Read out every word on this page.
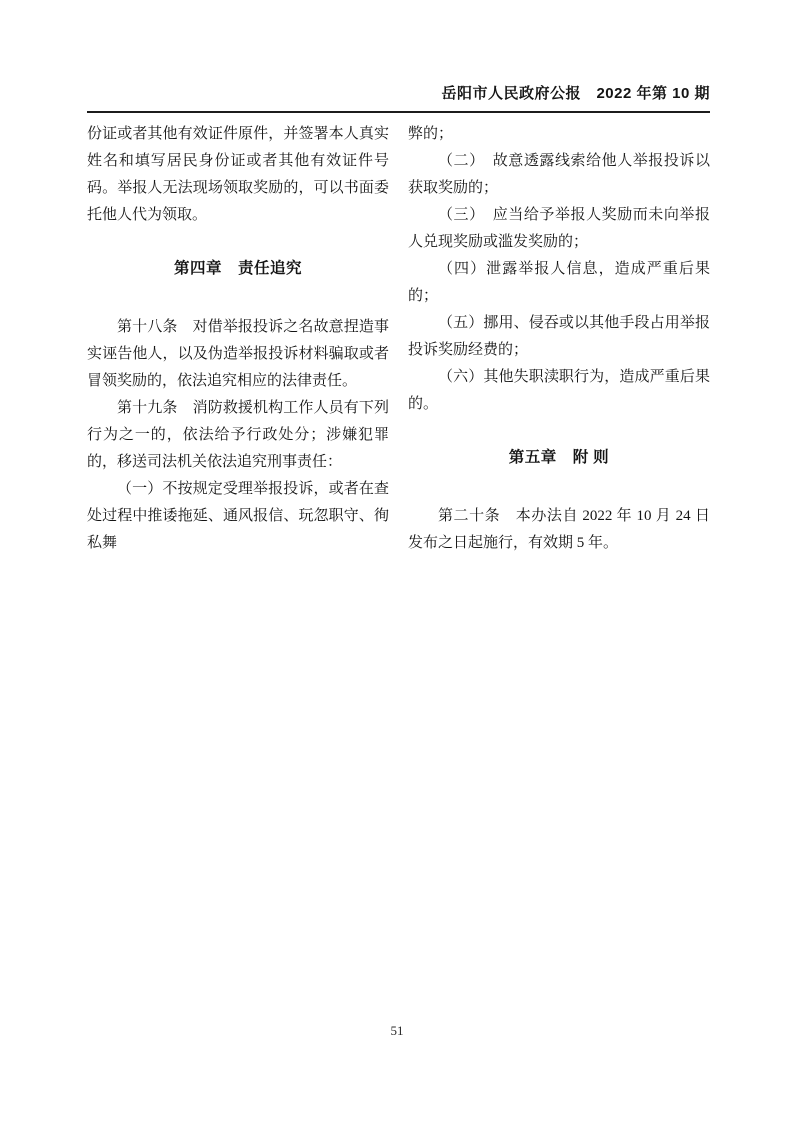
岳阳市人民政府公报　2022 年第 10 期

份证或者其他有效证件原件，并签署本人真实姓名和填写居民身份证或者其他有效证件号码。举报人无法现场领取奖励的，可以书面委托他人代为领取。

第四章　责任追究

第十八条　对借举报投诉之名故意捏造事实诬告他人，以及伪造举报投诉材料骗取或者冒领奖励的，依法追究相应的法律责任。

第十九条　消防救援机构工作人员有下列行为之一的，依法给予行政处分；涉嫌犯罪的，移送司法机关依法追究刑事责任：

（一）不按规定受理举报投诉，或者在查处过程中推诿拖延、通风报信、玩忽职守、徇私舞

弊的；

（二）　故意透露线索给他人举报投诉以获取奖励的；

（三）　应当给予举报人奖励而未向举报人兑现奖励或滥发奖励的；

（四）泄露举报人信息，造成严重后果的；

（五）挪用、侵吞或以其他手段占用举报投诉奖励经费的；

（六）其他失职渎职行为，造成严重后果的。

第五章　附 则

第二十条　本办法自 2022 年 10 月 24 日发布之日起施行，有效期 5 年。

51
